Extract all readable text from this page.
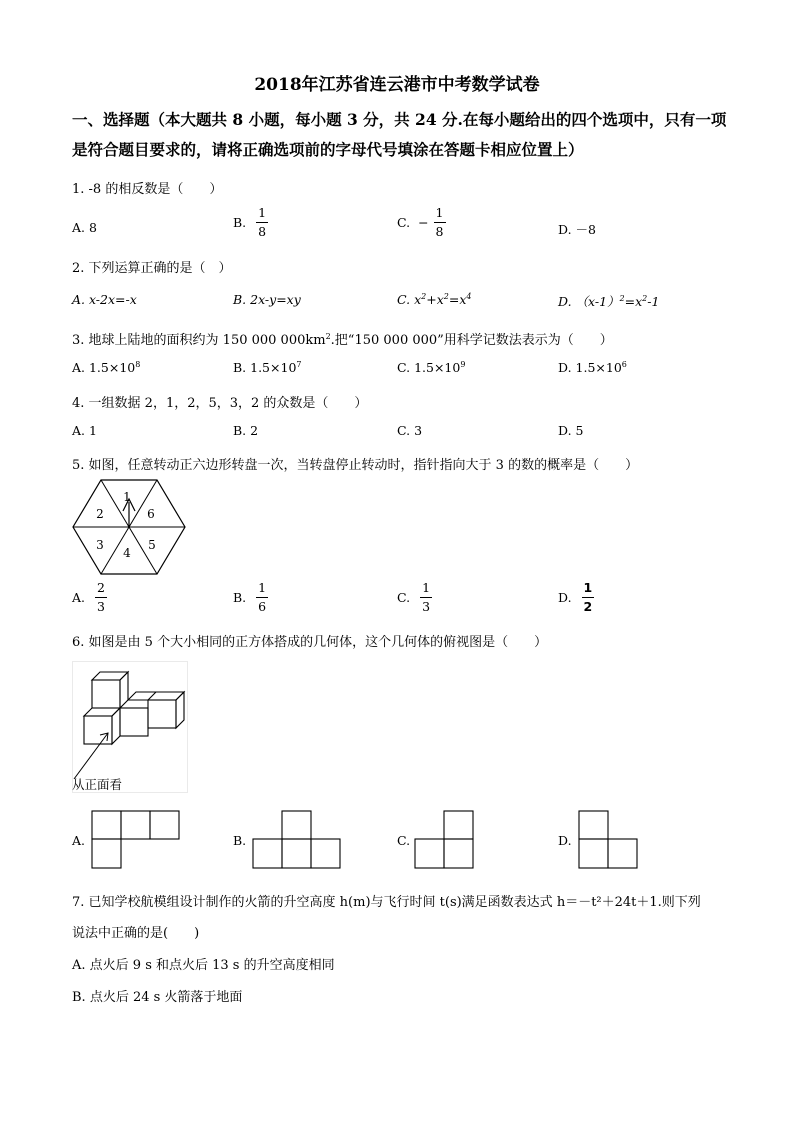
2018年江苏省连云港市中考数学试卷
一、选择题（本大题共 8 小题，每小题 3 分，共 24 分.在每小题给出的四个选项中，只有一项
是符合题目要求的，请将正确选项前的字母代号填涂在答题卡相应位置上）
1. -8 的相反数是（　　）
A. 8	B. $\frac{1}{8}$	C. − $\frac{1}{8}$	D. －8
2. 下列运算正确的是（　）
A. x-2x=-x	B. 2x-y=xy	C. $x^2+x^2=x^4$	D. $(x-1)^2=x^2-1$
3. 地球上陆地的面积约为 150 000 $000km^2$.把“150 000 000”用科学记数法表示为（　　）
A. $1.5\times 10^8$	B. $1.5\times 10^7$	C. $1.5\times 10^9$	D. $1.5\times 10^6$
4. 一组数据 2，1，2，5，3，2 的众数是（　　）
A. 1	B. 2	C. 3	D. 5
5. 如图，任意转动正六边形转盘一次，当转盘停止转动时，指针指向大于 3 的数的概率是（　　）
1
6
5
4
3
2
A. $\frac{2}{3}$	B. $\frac{1}{6}$	C. $\frac{1}{3}$	D. $\frac{1}{2}$
6. 如图是由 5 个大小相同的正方体搭成的几何体，这个几何体的俯视图是（　　）
从正面看
A.	B.	C.	D.
7. 已知学校航模组设计制作的火箭的升空高度 h(m)与飞行时间 t(s)满足函数表达式 h＝－t²＋24t＋1.则下列
说法中正确的是(　　)
A. 点火后 9 s 和点火后 13 s 的升空高度相同
B. 点火后 24 s 火箭落于地面
